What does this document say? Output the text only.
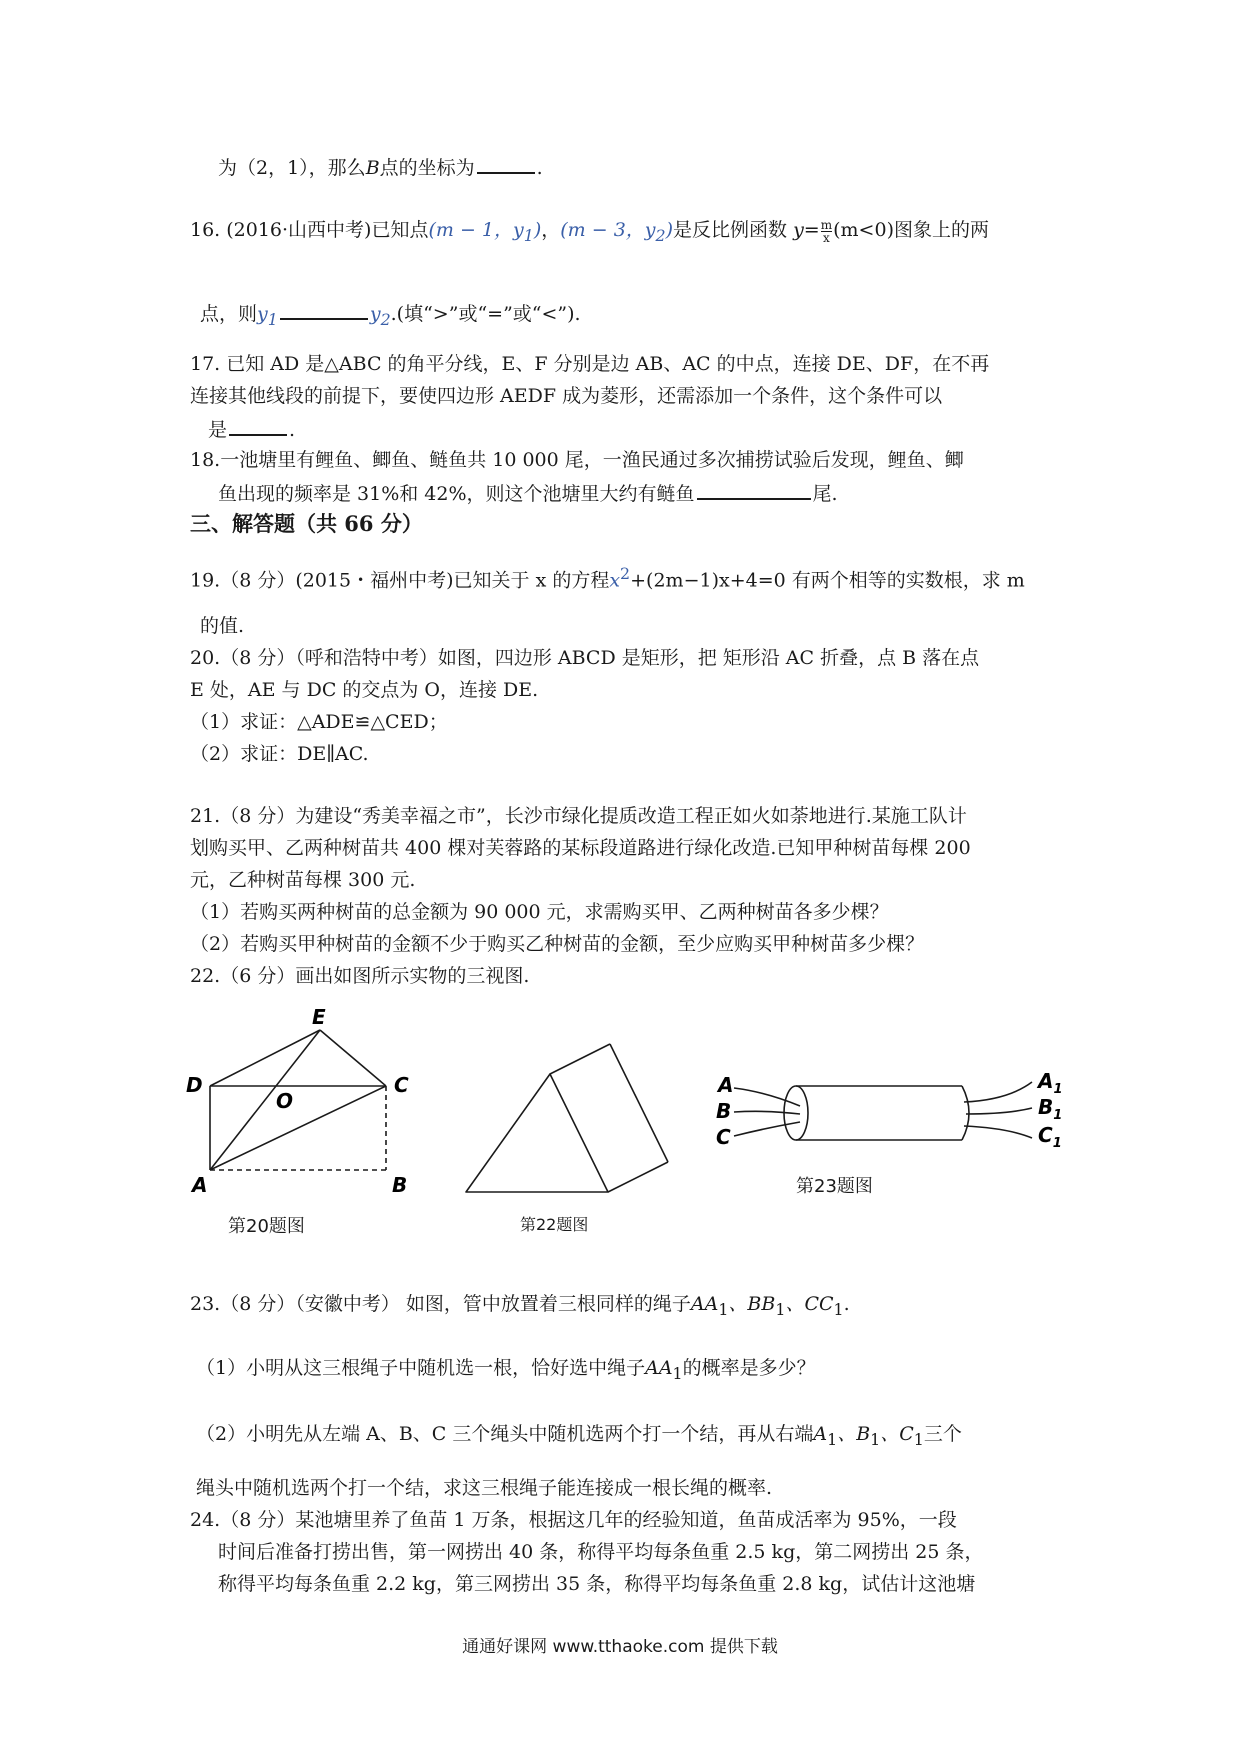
为（2，1），那么B点的坐标为	.
16. (2016·山西中考)已知点(m − 1，$y_1$)，(m − 3，$y_2$)是反比例函数 $y= \frac{m}{x} (m<0)$图象上的两
点，则$y_1$	$y_2$.(填“>”或“=”或“<”).
17. 已知 AD 是△ABC 的角平分线，E、F 分别是边 AB、AC 的中点，连接 DE、DF，在不再
连接其他线段的前提下，要使四边形 AEDF 成为菱形，还需添加一个条件，这个条件可以
是	.
18.一池塘里有鲤鱼、鲫鱼、鲢鱼共 10 000 尾，一渔民通过多次捕捞试验后发现，鲤鱼、鲫
鱼出现的频率是 31%和 42%，则这个池塘里大约有鲢鱼	尾.
三、解答题（共 66 分）
19.（8 分）(2015・福州中考)已知关于 x 的方程$x^2+(2m-1)x+4=0$ 有两个相等的实数根，求 m
的值.
20.（8 分）（呼和浩特中考）如图，四边形 ABCD 是矩形，把 矩形沿 AC 折叠，点 B 落在点
E 处，AE 与 DC 的交点为 O，连接 DE.
（1）求证：△ADE≌△CED；
（2）求证：DE∥AC.
21.（8 分）为建设“秀美幸福之市”，长沙市绿化提质改造工程正如火如荼地进行.某施工队计
划购买甲、乙两种树苗共 400 棵对芙蓉路的某标段道路进行绿化改造.已知甲种树苗每棵 200
元，乙种树苗每棵 300 元.
（1）若购买两种树苗的总金额为 90 000 元，求需购买甲、乙两种树苗各多少棵？
（2）若购买甲种树苗的金额不少于购买乙种树苗的金额，至少应购买甲种树苗多少棵？
22.（6 分）画出如图所示实物的三视图.
E
D
O
C
A	B
第20题图	第22题图
A
B
C
$A_1$
$B_1$
$C_1$
第23题图
23.（8 分）（安徽中考） 如图，管中放置着三根同样的绳子$AA_1$、$BB_1$、$CC_1$.
（1）小明从这三根绳子中随机选一根，恰好选中绳子$AA_1$的概率是多少？
（2）小明先从左端 A、B、C 三个绳头中随机选两个打一个结，再从右端$A_1$、$B_1$、$C_1$三个
绳头中随机选两个打一个结，求这三根绳子能连接成一根长绳的概率.
24.（8 分）某池塘里养了鱼苗 1 万条，根据这几年的经验知道，鱼苗成活率为 95%，一段
时间后准备打捞出售，第一网捞出 40 条，称得平均每条鱼重 2.5 kg，第二网捞出 25 条，
称得平均每条鱼重 2.2 kg，第三网捞出 35 条，称得平均每条鱼重 2.8 kg，试估计这池塘
通通好课网 www.tthaoke.com 提供下载
